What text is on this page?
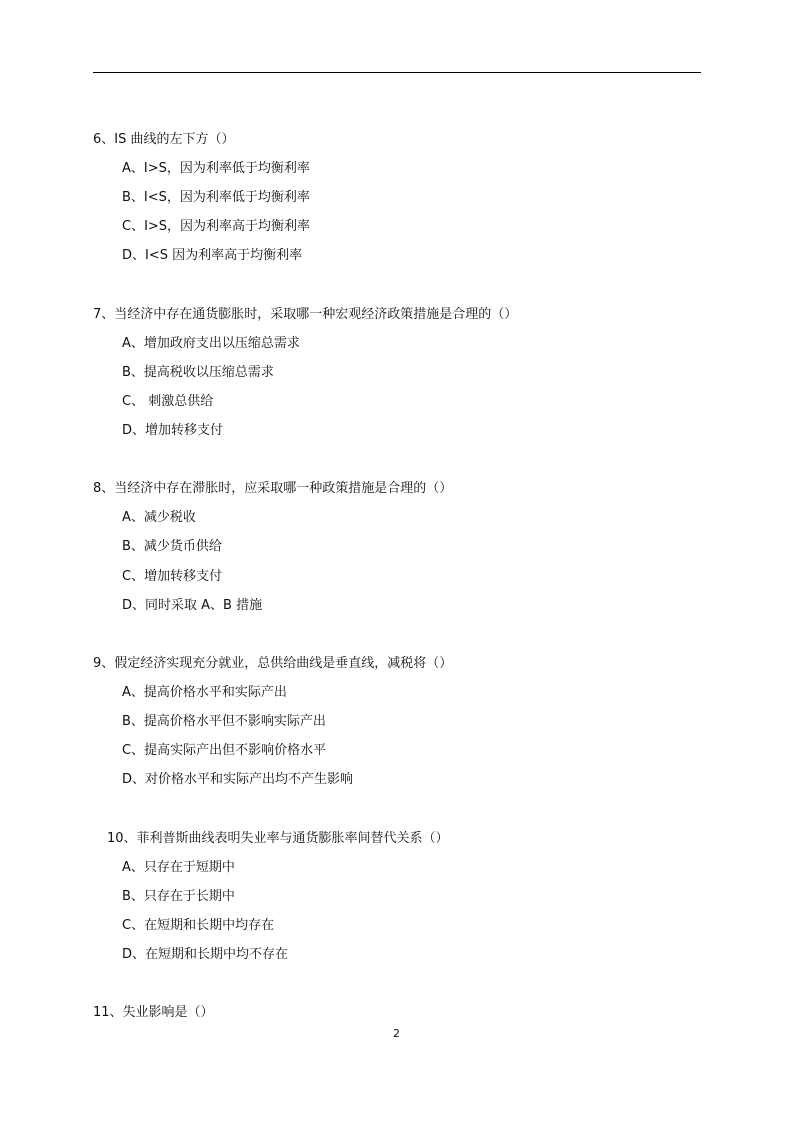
6、IS 曲线的左下方（）
A、I>S，因为利率低于均衡利率
B、I<S，因为利率低于均衡利率
C、I>S，因为利率高于均衡利率
D、I<S 因为利率高于均衡利率
7、当经济中存在通货膨胀时，采取哪一种宏观经济政策措施是合理的（）
A、增加政府支出以压缩总需求
B、提高税收以压缩总需求
C、 刺激总供给
D、增加转移支付
8、当经济中存在滞胀时，应采取哪一种政策措施是合理的（）
A、减少税收
B、减少货币供给
C、增加转移支付
D、同时采取 A、B 措施
9、假定经济实现充分就业，总供给曲线是垂直线，减税将（）
A、提高价格水平和实际产出
B、提高价格水平但不影响实际产出
C、提高实际产出但不影响价格水平
D、对价格水平和实际产出均不产生影响
10、菲利普斯曲线表明失业率与通货膨胀率间替代关系（）
A、只存在于短期中
B、只存在于长期中
C、在短期和长期中均存在
D、在短期和长期中均不存在
11、失业影响是（）
2
